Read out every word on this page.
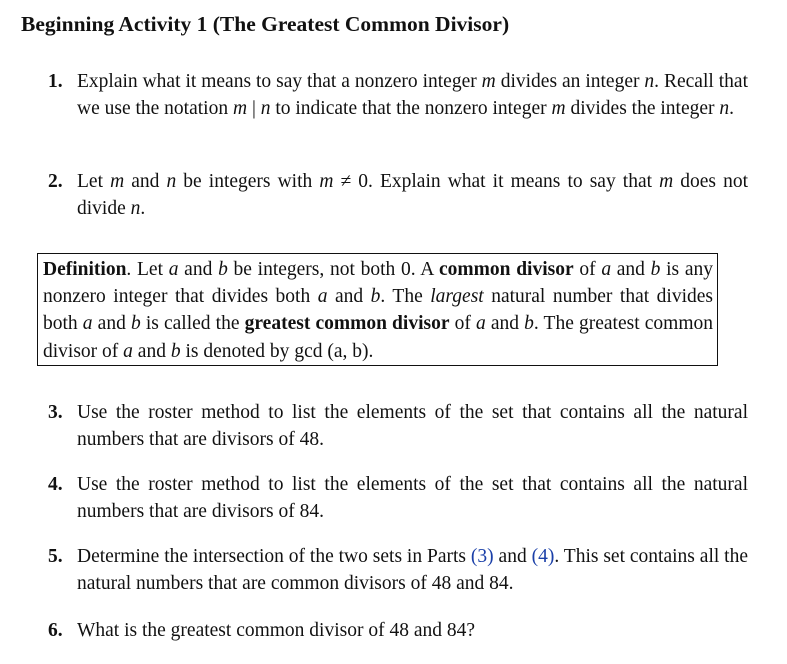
Beginning Activity 1 (The Greatest Common Divisor)
1. Explain what it means to say that a nonzero integer m divides an integer n. Recall that we use the notation m | n to indicate that the nonzero integer m divides the integer n.
2. Let m and n be integers with m ≠ 0. Explain what it means to say that m does not divide n.
Definition. Let a and b be integers, not both 0. A common divisor of a and b is any nonzero integer that divides both a and b. The largest natural number that divides both a and b is called the greatest common divisor of a and b. The greatest common divisor of a and b is denoted by gcd (a, b).
3. Use the roster method to list the elements of the set that contains all the natural numbers that are divisors of 48.
4. Use the roster method to list the elements of the set that contains all the natural numbers that are divisors of 84.
5. Determine the intersection of the two sets in Parts (3) and (4). This set contains all the natural numbers that are common divisors of 48 and 84.
6. What is the greatest common divisor of 48 and 84?
